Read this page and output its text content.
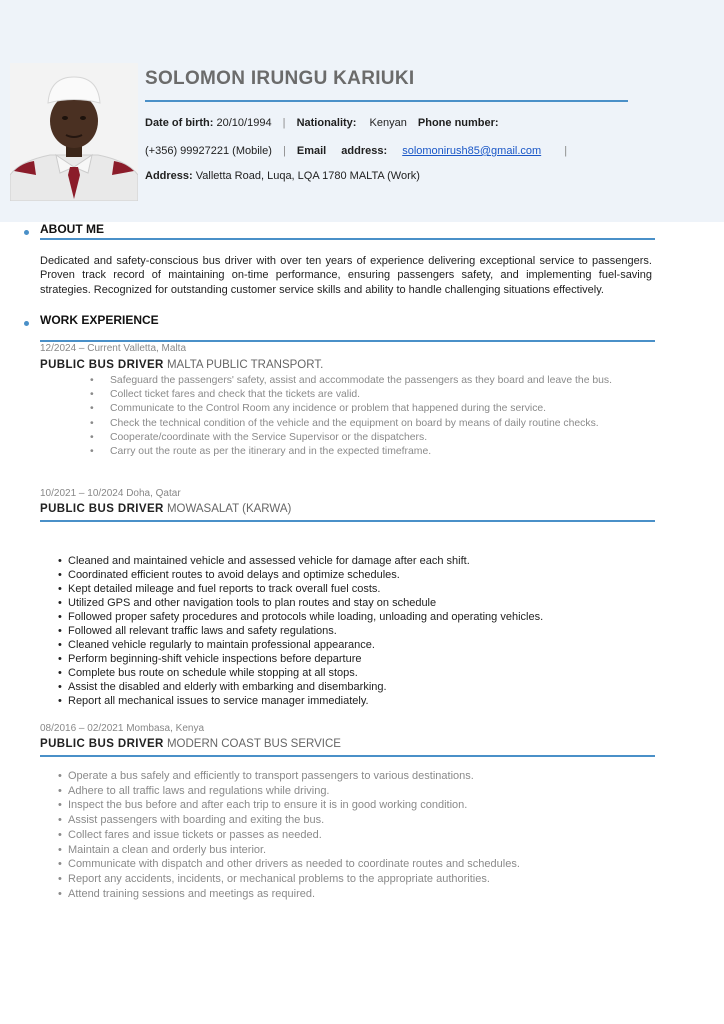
SOLOMON IRUNGU KARIUKI
Date of birth: 20/10/1994 | Nationality: Kenyan Phone number:
(+356) 99927221 (Mobile) | Email address: solomonirush85@gmail.com |
Address: Valletta Road, Luqa, LQA 1780 MALTA (Work)
ABOUT ME

Dedicated and safety-conscious bus driver with over ten years of experience delivering exceptional service to passengers. Proven track record of maintaining on-time performance, ensuring passengers safety, and implementing fuel-saving strategies. Recognized for outstanding customer service skills and ability to handle challenging situations effectively.

WORK EXPERIENCE
12/2024 – Current Valletta, Malta
PUBLIC BUS DRIVER MALTA PUBLIC TRANSPORT.
• Safeguard the passengers' safety, assist and accommodate the passengers as they board and leave the bus.
• Collect ticket fares and check that the tickets are valid.
• Communicate to the Control Room any incidence or problem that happened during the service.
• Check the technical condition of the vehicle and the equipment on board by means of daily routine checks.
• Cooperate/coordinate with the Service Supervisor or the dispatchers.
• Carry out the route as per the itinerary and in the expected timeframe.
10/2021 – 10/2024 Doha, Qatar
PUBLIC BUS DRIVER MOWASALAT (KARWA)
• Cleaned and maintained vehicle and assessed vehicle for damage after each shift.
• Coordinated efficient routes to avoid delays and optimize schedules.
• Kept detailed mileage and fuel reports to track overall fuel costs.
• Utilized GPS and other navigation tools to plan routes and stay on schedule
• Followed proper safety procedures and protocols while loading, unloading and operating vehicles.
• Followed all relevant traffic laws and safety regulations.
• Cleaned vehicle regularly to maintain professional appearance.
• Perform beginning-shift vehicle inspections before departure
• Complete bus route on schedule while stopping at all stops.
• Assist the disabled and elderly with embarking and disembarking.
• Report all mechanical issues to service manager immediately.
08/2016 – 02/2021 Mombasa, Kenya
PUBLIC BUS DRIVER MODERN COAST BUS SERVICE
• Operate a bus safely and efficiently to transport passengers to various destinations.
• Adhere to all traffic laws and regulations while driving.
• Inspect the bus before and after each trip to ensure it is in good working condition.
• Assist passengers with boarding and exiting the bus.
• Collect fares and issue tickets or passes as needed.
• Maintain a clean and orderly bus interior.
• Communicate with dispatch and other drivers as needed to coordinate routes and schedules.
• Report any accidents, incidents, or mechanical problems to the appropriate authorities.
• Attend training sessions and meetings as required.
